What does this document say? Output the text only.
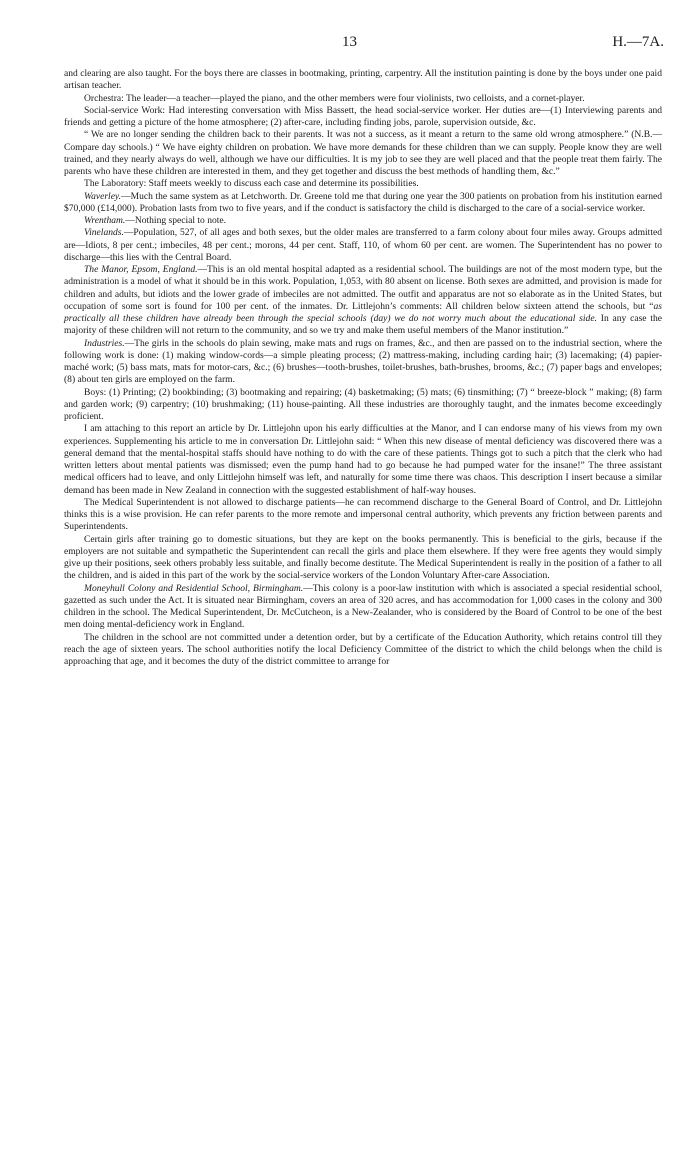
13	H.—7A.

and clearing are also taught. For the boys there are classes in bootmaking, printing, carpentry. All the institution painting is done by the boys under one paid artisan teacher.

Orchestra: The leader—a teacher—played the piano, and the other members were four violinists, two celloists, and a cornet-player.

Social-service Work: Had interesting conversation with Miss Bassett, the head social-service worker. Her duties are—(1) Interviewing parents and friends and getting a picture of the home atmosphere; (2) after-care, including finding jobs, parole, supervision outside, &c.

“ We are no longer sending the children back to their parents. It was not a success, as it meant a return to the same old wrong atmosphere.” (N.B.—Compare day schools.) “ We have eighty children on probation. We have more demands for these children than we can supply. People know they are well trained, and they nearly always do well, although we have our difficulties. It is my job to see they are well placed and that the people treat them fairly. The parents who have these children are interested in them, and they get together and discuss the best methods of handling them, &c.”

The Laboratory: Staff meets weekly to discuss each case and determine its possibilities.

Waverley.—Much the same system as at Letchworth. Dr. Greene told me that during one year the 300 patients on probation from his institution earned $70,000 (£14,000). Probation lasts from two to five years, and if the conduct is satisfactory the child is discharged to the care of a social-service worker.

Wrentham.—Nothing special to note.

Vinelands.—Population, 527, of all ages and both sexes, but the older males are transferred to a farm colony about four miles away. Groups admitted are—Idiots, 8 per cent.; imbeciles, 48 per cent.; morons, 44 per cent. Staff, 110, of whom 60 per cent. are women. The Superintendent has no power to discharge—this lies with the Central Board.

The Manor, Epsom, England.—This is an old mental hospital adapted as a residential school. The buildings are not of the most modern type, but the administration is a model of what it should be in this work. Population, 1,053, with 80 absent on license. Both sexes are admitted, and provision is made for children and adults, but idiots and the lower grade of imbeciles are not admitted. The outfit and apparatus are not so elaborate as in the United States, but occupation of some sort is found for 100 per cent. of the inmates. Dr. Littlejohn’s comments: All children below sixteen attend the schools, but “as practically all these children have already been through the special schools (day) we do not worry much about the educational side. In any case the majority of these children will not return to the community, and so we try and make them useful members of the Manor institution.”

Industries.—The girls in the schools do plain sewing, make mats and rugs on frames, &c., and then are passed on to the industrial section, where the following work is done: (1) making window-cords—a simple pleating process; (2) mattress-making, including carding hair; (3) lacemaking; (4) papier-maché work; (5) bass mats, mats for motor-cars, &c.; (6) brushes—tooth-brushes, toilet-brushes, bath-brushes, brooms, &c.; (7) paper bags and envelopes; (8) about ten girls are employed on the farm.

Boys: (1) Printing; (2) bookbinding; (3) bootmaking and repairing; (4) basketmaking; (5) mats; (6) tinsmithing; (7) “ breeze-block ” making; (8) farm and garden work; (9) carpentry; (10) brushmaking; (11) house-painting. All these industries are thoroughly taught, and the inmates become exceedingly proficient.

I am attaching to this report an article by Dr. Littlejohn upon his early difficulties at the Manor, and I can endorse many of his views from my own experiences. Supplementing his article to me in conversation Dr. Littlejohn said: “ When this new disease of mental deficiency was discovered there was a general demand that the mental-hospital staffs should have nothing to do with the care of these patients. Things got to such a pitch that the clerk who had written letters about mental patients was dismissed; even the pump hand had to go because he had pumped water for the insane!” The three assistant medical officers had to leave, and only Littlejohn himself was left, and naturally for some time there was chaos. This description I insert because a similar demand has been made in New Zealand in connection with the suggested establishment of half-way houses.

The Medical Superintendent is not allowed to discharge patients—he can recommend discharge to the General Board of Control, and Dr. Littlejohn thinks this is a wise provision. He can refer parents to the more remote and impersonal central authority, which prevents any friction between parents and Superintendents.

Certain girls after training go to domestic situations, but they are kept on the books permanently. This is beneficial to the girls, because if the employers are not suitable and sympathetic the Superintendent can recall the girls and place them elsewhere. If they were free agents they would simply give up their positions, seek others probably less suitable, and finally become destitute. The Medical Superintendent is really in the position of a father to all the children, and is aided in this part of the work by the social-service workers of the London Voluntary After-care Association.

Moneyhull Colony and Residential School, Birmingham.—This colony is a poor-law institution with which is associated a special residential school, gazetted as such under the Act. It is situated near Birmingham, covers an area of 320 acres, and has accommodation for 1,000 cases in the colony and 300 children in the school. The Medical Superintendent, Dr. McCutcheon, is a New-Zealander, who is considered by the Board of Control to be one of the best men doing mental-deficiency work in England.

The children in the school are not committed under a detention order, but by a certificate of the Education Authority, which retains control till they reach the age of sixteen years. The school authorities notify the local Deficiency Committee of the district to which the child belongs when the child is approaching that age, and it becomes the duty of the district committee to arrange for
